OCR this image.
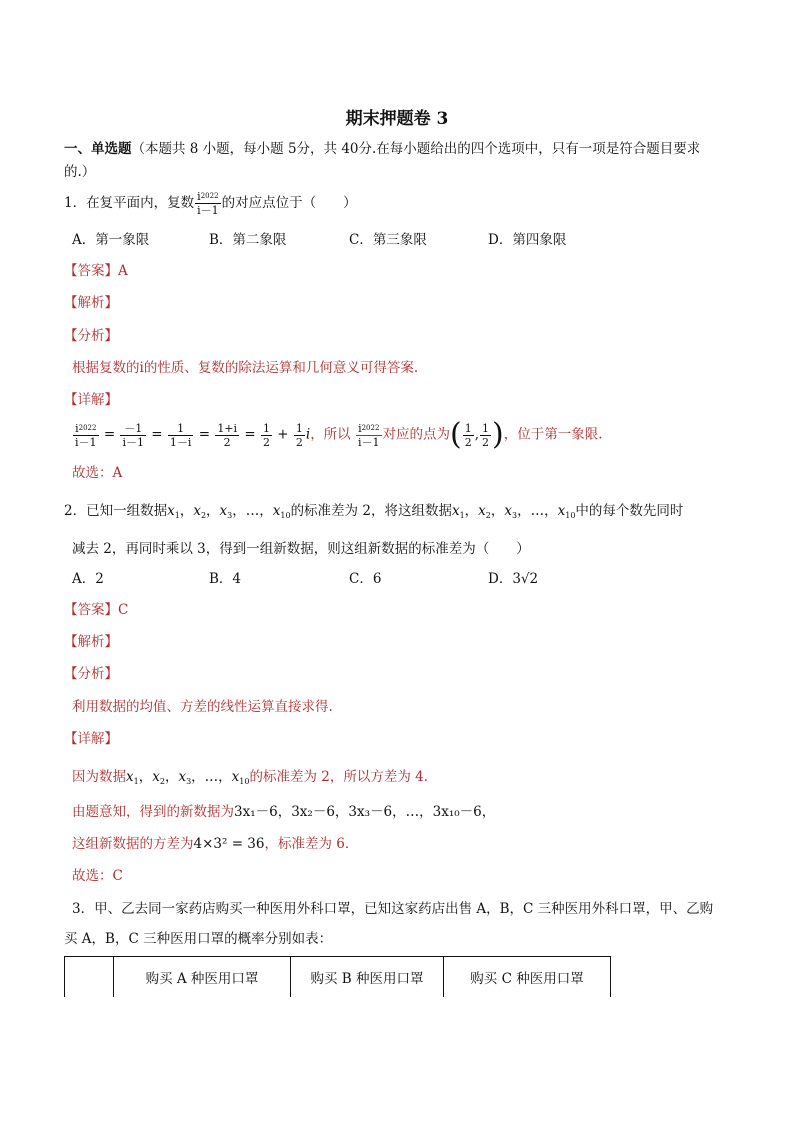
期末押题卷 3
一、单选题（本题共 8 小题，每小题 5分，共 40分.在每小题给出的四个选项中，只有一项是符合题目要求
的.）
1．在复平面内，复数 $\frac{i^{2022}}{i-1}$ 的对应点位于（　　）
A．第一象限	B．第二象限	C．第三象限	D．第四象限
【答案】A
【解析】
【分析】
根据复数的i的性质、复数的除法运算和几何意义可得答案.
【详解】
$\frac{i^{2022}}{i-1} = \frac{-1}{i-1} = \frac{1}{1-i} = \frac{1+i}{2} = \frac{1}{2} + \frac{1}{2}$ i，所以 $\frac{i^{2022}}{i-1}$ 对应的点为( $\frac{1}{2}$ , $\frac{1}{2}$ )，位于第一象限.
故选：A
2．已知一组数据$x_1$，$x_2$，$x_3$，…，$x_{10}$的标准差为 2，将这组数据$x_1$，$x_2$，$x_3$，…，$x_{10}$中的每个数先同时
减去 2，再同时乘以 3，得到一组新数据，则这组新数据的标准差为（　　）
A．2	B．4	C．6	D．3√2
【答案】C
【解析】
【分析】
利用数据的均值、方差的线性运算直接求得.
【详解】
因为数据$x_1$，$x_2$，$x_3$，…，$x_{10}$的标准差为 2，所以方差为 4．
由题意知，得到的新数据为3x₁－6，3x₂－6，3x₃－6，…，3x₁₀－6，
这组新数据的方差为4×3² = 36，标准差为 6．
故选：C
3．甲、乙去同一家药店购买一种医用外科口罩，已知这家药店出售 A，B，C 三种医用外科口罩，甲、乙购
买 A，B，C 三种医用口罩的概率分别如表：
	购买 A 种医用口罩	购买 B 种医用口罩	购买 C 种医用口罩
